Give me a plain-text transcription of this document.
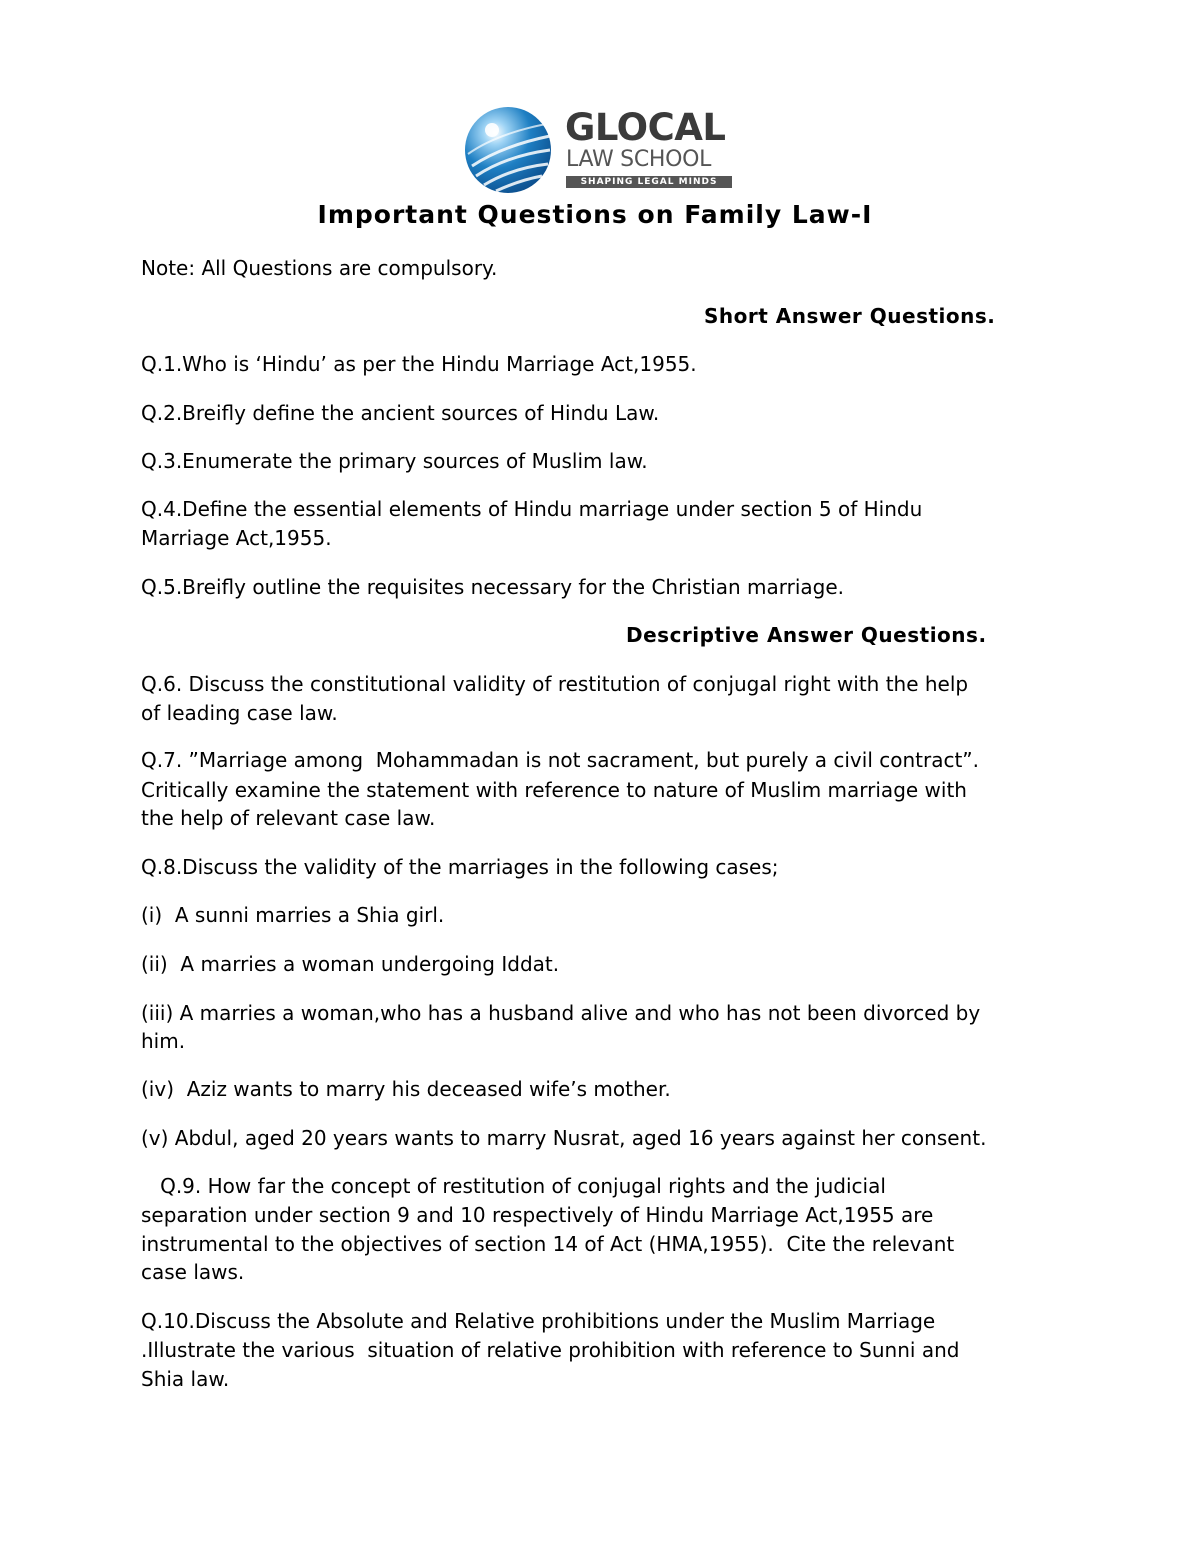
GLOCAL
LAW SCHOOL
SHAPING LEGAL MINDS
Important Questions on Family Law-I
Note: All Questions are compulsory.
Short Answer Questions.
Q.1.Who is ‘Hindu’ as per the Hindu Marriage Act,1955.
Q.2.Breifly define the ancient sources of Hindu Law.
Q.3.Enumerate the primary sources of Muslim law.
Q.4.Define the essential elements of Hindu marriage under section 5 of Hindu
Marriage Act,1955.
Q.5.Breifly outline the requisites necessary for the Christian marriage.
Descriptive Answer Questions.
Q.6. Discuss the constitutional validity of restitution of conjugal right with the help
of leading case law.
Q.7. ”Marriage among  Mohammadan is not sacrament, but purely a civil contract”.
Critically examine the statement with reference to nature of Muslim marriage with
the help of relevant case law.
Q.8.Discuss the validity of the marriages in the following cases;
(i)  A sunni marries a Shia girl.
(ii)  A marries a woman undergoing Iddat.
(iii) A marries a woman,who has a husband alive and who has not been divorced by
him.
(iv)  Aziz wants to marry his deceased wife’s mother.
(v) Abdul, aged 20 years wants to marry Nusrat, aged 16 years against her consent.
Q.9. How far the concept of restitution of conjugal rights and the judicial
separation under section 9 and 10 respectively of Hindu Marriage Act,1955 are
instrumental to the objectives of section 14 of Act (HMA,1955).  Cite the relevant
case laws.
Q.10.Discuss the Absolute and Relative prohibitions under the Muslim Marriage
.Illustrate the various  situation of relative prohibition with reference to Sunni and
Shia law.
